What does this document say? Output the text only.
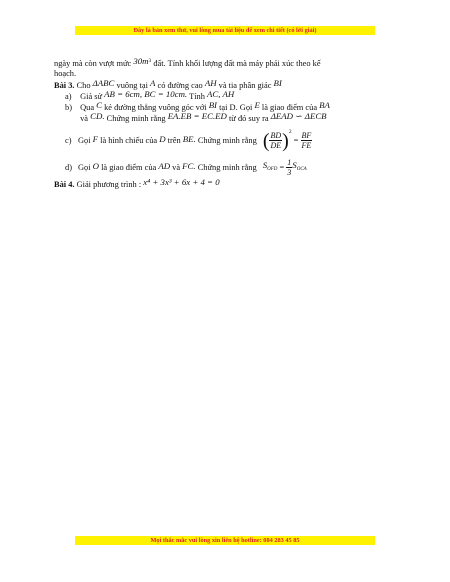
Đây là bản xem thử, vui lòng mua tài liệu để xem chi tiết (có lời giải)
ngày mà còn vượt mức $30m^3$ đất. Tính khối lượng đất mà máy phải xúc theo kế
hoạch.
Bài 3. Cho ΔABC vuông tại A có đường cao AH và tia phân giác BI
a) Giả sử AB = 6cm, BC = 10cm. Tính AC, AH
b) Qua C kẻ đường thẳng vuông góc với BI tại D. Gọi E là giao điểm của BA
và CD. Chứng minh rằng EA.EB = EC.ED từ đó suy ra ΔEAD ∽ ΔECB
c) Gọi
F
là hình chiếu của
D
trên
BE.
Chứng minh rằng ( $\frac{BD}{DE}$ ) 2

=
$\frac{BF}{FE}$
d) Gọi
O
là giao điểm của
AD
và
FC.
Chứng minh rằng $S_{OFD}$
=
$\frac{1}{3} S_{OCA}$
Bài 4. Giải phương trình : x⁴ + 3x³ + 6x + 4 = 0
Mọi thắc mắc vui lòng xin liên hệ hotline: 084 283 45 85
